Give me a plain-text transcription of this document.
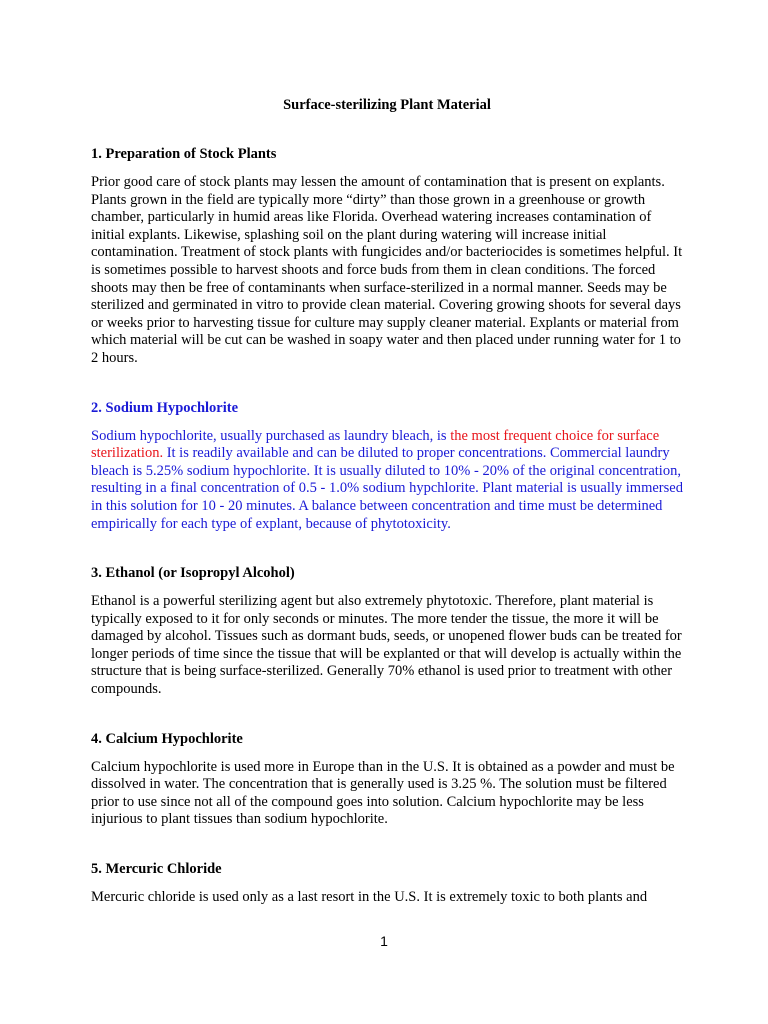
Surface-sterilizing Plant Material
1. Preparation of Stock Plants
Prior good care of stock plants may lessen the amount of contamination that is present on explants. Plants grown in the field are typically more “dirty” than those grown in a greenhouse or growth chamber, particularly in humid areas like Florida. Overhead watering increases contamination of initial explants. Likewise, splashing soil on the plant during watering will increase initial contamination. Treatment of stock plants with fungicides and/or bacteriocides is sometimes helpful. It is sometimes possible to harvest shoots and force buds from them in clean conditions. The forced shoots may then be free of contaminants when surface-sterilized in a normal manner. Seeds may be sterilized and germinated in vitro to provide clean material. Covering growing shoots for several days or weeks prior to harvesting tissue for culture may supply cleaner material. Explants or material from which material will be cut can be washed in soapy water and then placed under running water for 1 to 2 hours.
2. Sodium Hypochlorite
Sodium hypochlorite, usually purchased as laundry bleach, is the most frequent choice for surface sterilization. It is readily available and can be diluted to proper concentrations. Commercial laundry bleach is 5.25% sodium hypochlorite. It is usually diluted to 10% - 20% of the original concentration, resulting in a final concentration of 0.5 - 1.0% sodium hypchlorite. Plant material is usually immersed in this solution for 10 - 20 minutes. A balance between concentration and time must be determined empirically for each type of explant, because of phytotoxicity.
3. Ethanol (or Isopropyl Alcohol)
Ethanol is a powerful sterilizing agent but also extremely phytotoxic. Therefore, plant material is typically exposed to it for only seconds or minutes. The more tender the tissue, the more it will be damaged by alcohol. Tissues such as dormant buds, seeds, or unopened flower buds can be treated for longer periods of time since the tissue that will be explanted or that will develop is actually within the structure that is being surface-sterilized. Generally 70% ethanol is used prior to treatment with other compounds.
4. Calcium Hypochlorite
Calcium hypochlorite is used more in Europe than in the U.S. It is obtained as a powder and must be dissolved in water. The concentration that is generally used is 3.25 %. The solution must be filtered prior to use since not all of the compound goes into solution. Calcium hypochlorite may be less injurious to plant tissues than sodium hypochlorite.
5. Mercuric Chloride
Mercuric chloride is used only as a last resort in the U.S. It is extremely toxic to both plants and
1
